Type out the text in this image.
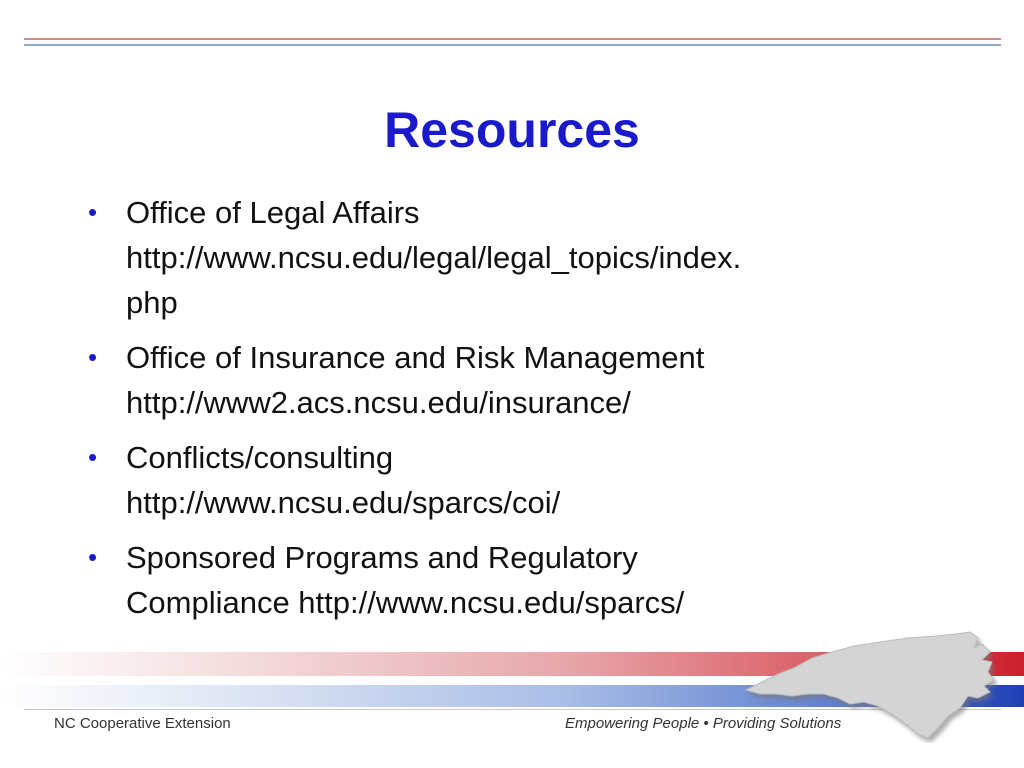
Resources
• Office of Legal Affairs
http://www.ncsu.edu/legal/legal_topics/index.
php
• Office of Insurance and Risk Management
http://www2.acs.ncsu.edu/insurance/
• Conflicts/consulting
http://www.ncsu.edu/sparcs/coi/
• Sponsored Programs and Regulatory
Compliance http://www.ncsu.edu/sparcs/
NC Cooperative Extension	Empowering People • Providing Solutions
